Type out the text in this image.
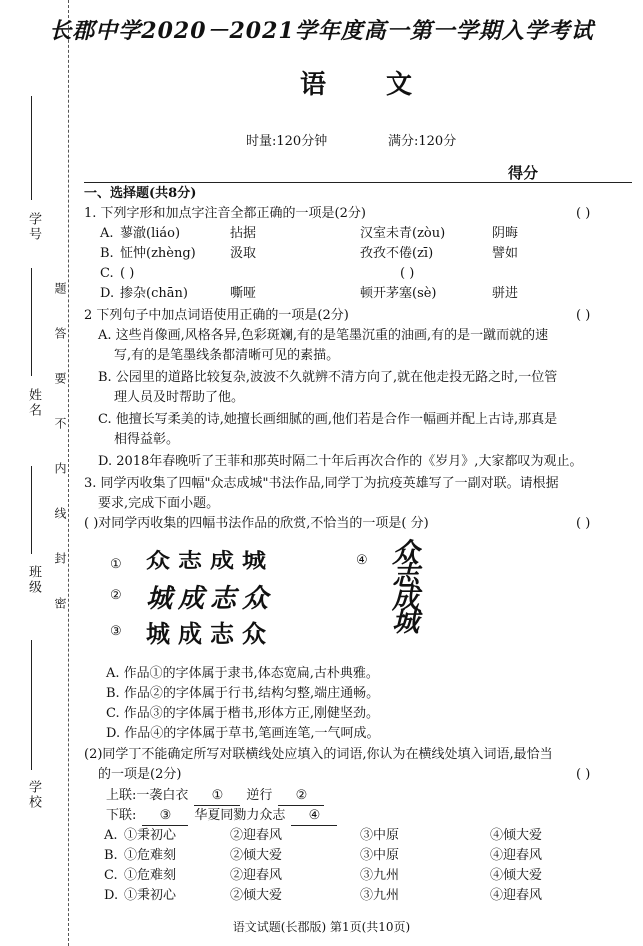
学号
姓名
班级
学校
题
答
要
不
内
线
封
密
长郡中学2020－2021学年度高一第一学期入学考试
语文
时量:120分钟	满分:120分
得分
一、选择题(共8分)
1. 下列字形和加点字注音全都正确的一项是(2分)	( )
A. 蓼澈(liáo)	拈据	汉室未青(zòu)	阴晦
B. 怔忡(zhèng)	汲取	孜孜不倦(zī)	譬如
C. ( )	( )
D. 掺杂(chān)	嘶哑	顿开茅塞(sè)	骈进
2 下列句子中加点词语使用正确的一项是(2分)	( )
A. 这些肖像画,风格各异,色彩斑斓,有的是笔墨沉重的油画,有的是一蹴而就的速
写,有的是笔墨线条都清晰可见的素描。
B. 公园里的道路比较复杂,波波不久就辨不清方向了,就在他走投无路之时,一位管
理人员及时帮助了他。
C. 他擅长写柔美的诗,她擅长画细腻的画,他们若是合作一幅画并配上古诗,那真是
相得益彰。
D. 2018年春晚听了王菲和那英时隔二十年后再次合作的《岁月》,大家都叹为观止。
3. 同学丙收集了四幅"众志成城"书法作品,同学丁为抗疫英雄写了一副对联。请根据
要求,完成下面小题。
( )对同学丙收集的四幅书法作品的欣赏,不恰当的一项是( 分)	( )
① 众志成城
② 城成志众
③ 城成志众
④ 众志成城
A. 作品①的字体属于隶书,体态宽扁,古朴典雅。
B. 作品②的字体属于行书,结构匀整,端庄通畅。
C. 作品③的字体属于楷书,形体方正,刚健坚劲。
D. 作品④的字体属于草书,笔画连笔,一气呵成。
(2)同学丁不能确定所写对联横线处应填入的词语,你认为在横线处填入词语,最恰当
的一项是(2分)	( )
上联:一袭白衣 ① 逆行 ②
下联: ③ 华夏同勠力众志 ④
A. ①秉初心	②迎春风	③中原	④倾大爱
B. ①危难刻	②倾大爱	③中原	④迎春风
C. ①危难刻	②迎春风	③九州	④倾大爱
D. ①秉初心	②倾大爱	③九州	④迎春风
语文试题(长郡版) 第1页(共10页)
